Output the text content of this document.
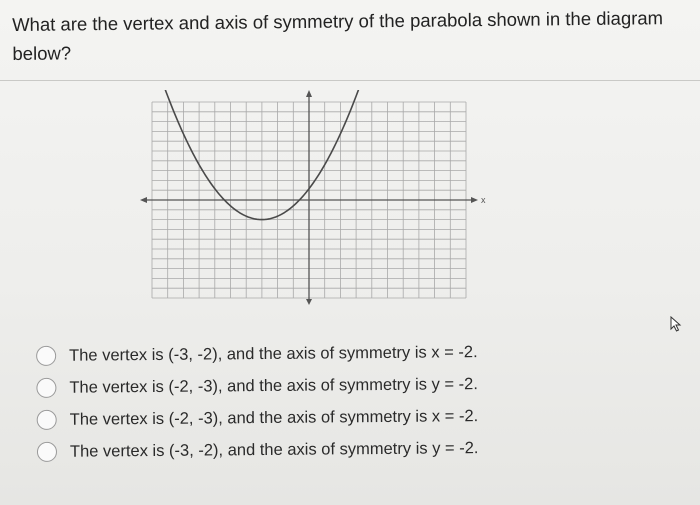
What are the vertex and axis of symmetry of the parabola shown in the diagram
below?
x
The vertex is (-3, -2), and the axis of symmetry is x = -2.
The vertex is (-2, -3), and the axis of symmetry is y = -2.
The vertex is (-2, -3), and the axis of symmetry is x = -2.
The vertex is (-3, -2), and the axis of symmetry is y = -2.
